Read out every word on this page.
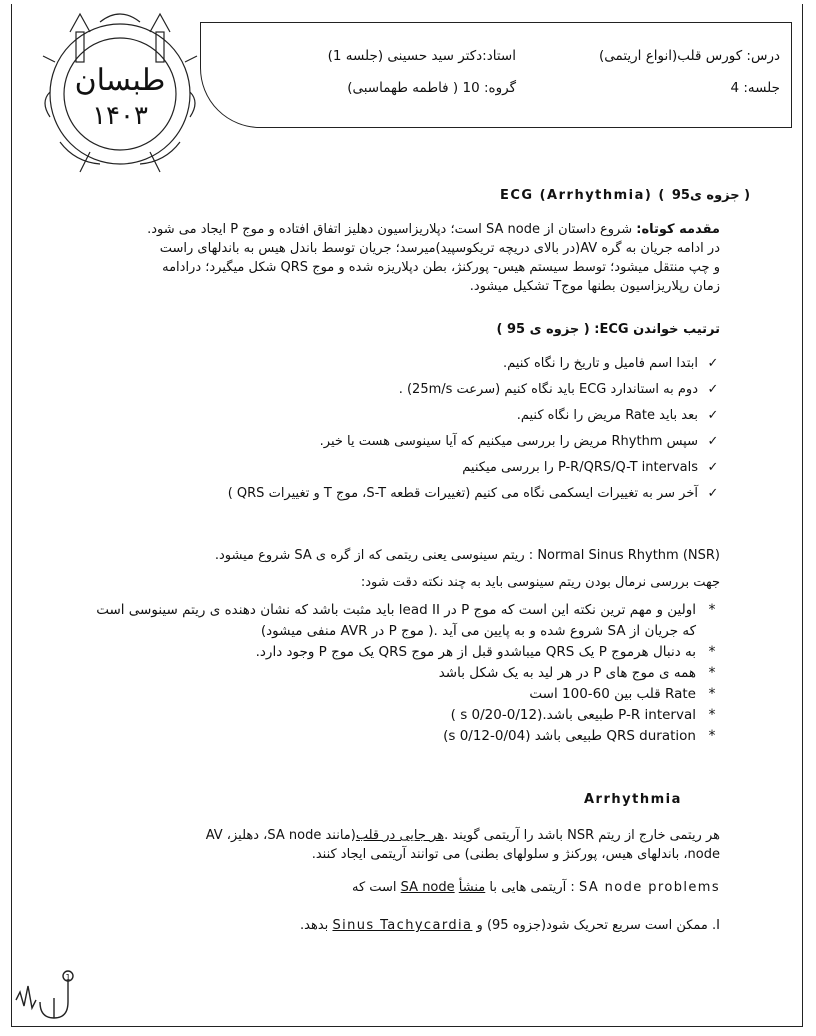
درس: کورس قلب(انواع اریتمی)
استاد:دکتر سید حسینی (جلسه 1)
جلسه: 4
گروه: 10 ( فاطمه طهماسبی)
طبسان
۱۴۰۳
ECG (Arrhythmia) ( جزوه ی95 )
مقدمه کوتاه: شروع داستان از SA node است؛ دپلاریزاسیون دهلیز اتفاق افتاده و موج P ایجاد می شود.
در ادامه جریان به گره AV(در بالای دریچه تریکوسپید)میرسد؛ جریان توسط باندل هیس به باندلهای راست
و چپ منتقل میشود؛ توسط سیستم هیس- پورکنژ، بطن دپلاریزه شده و موج QRS شکل میگیرد؛ درادامه
زمان رپلاریزاسیون بطنها موجT تشکیل میشود.
ترتیب خواندن ECG: ( جزوه ی 95 )
✓
ابتدا اسم فامیل و تاریخ را نگاه کنیم.
✓
دوم به استاندارد ECG باید نگاه کنیم (سرعت 25m/s) .
✓
بعد باید Rate مریض را نگاه کنیم.
✓
سپس Rhythm مریض را بررسی میکنیم که آیا سینوسی هست یا خیر.
✓
P-R/QRS/Q-T intervals را بررسی میکنیم
✓
آخر سر به تغییرات ایسکمی نگاه می کنیم (تغییرات قطعه S-T، موج T و تغییرات QRS )
Normal Sinus Rhythm (NSR) : ریتم سینوسی یعنی ریتمی که از گره ی SA شروع میشود.
جهت بررسی نرمال بودن ریتم سینوسی باید به چند نکته دقت شود:
*
اولین و مهم ترین نکته این است که موج P در lead II باید مثبت باشد که نشان دهنده ی ریتم سینوسی است که جریان از SA شروع شده و به پایین می آید .( موج P در AVR منفی میشود)
*
به دنبال هرموج P یک QRS میباشدو قبل از هر موج QRS یک موج P وجود دارد.
*
همه ی موج های P در هر لید به یک شکل باشد
*
Rate قلب بین 60-100 است
*
P-R interval طبیعی باشد.(0/12-0/20 s )
*
QRS duration طبیعی باشد (0/04-0/12 s)
Arrhythmia
هر ریتمی خارج از ریتم NSR باشد را آریتمی گویند .هر جایی در قلب(مانند SA node، دهلیز، AV
node، باندلهای هیس، پورکنژ و سلولهای بطنی) می توانند آریتمی ایجاد کنند.
SA node problems : آریتمی هایی با منشأ SA node است که
I. ممکن است سریع تحریک شود(جزوه 95) و Sinus Tachycardia بدهد.
1
